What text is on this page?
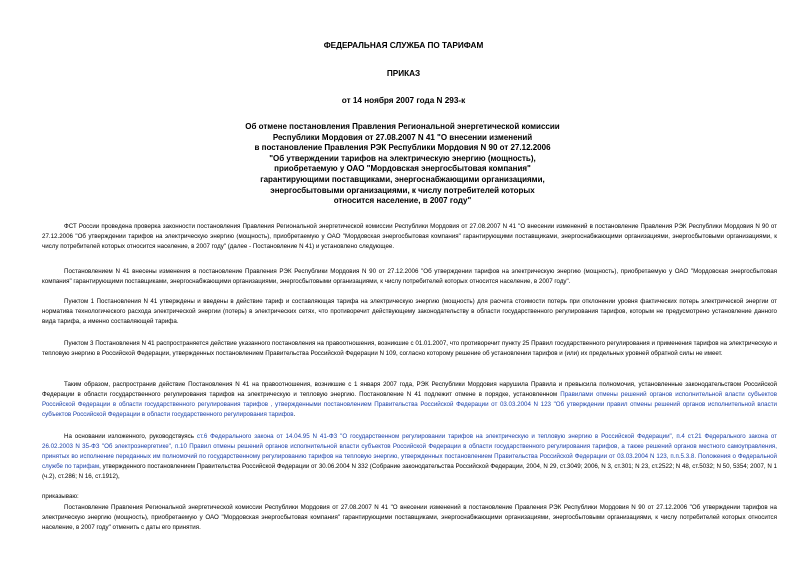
ФЕДЕРАЛЬНАЯ СЛУЖБА ПО ТАРИФАМ
ПРИКАЗ
от 14 ноября 2007 года N 293-к
Об отмене постановления Правления Региональной энергетической комиссии
Республики Мордовия от 27.08.2007 N 41 "О внесении изменений
в постановление Правления РЭК Республики Мордовия N 90 от 27.12.2006
"Об утверждении тарифов на электрическую энергию (мощность),
приобретаемую у ОАО "Мордовская энергосбытовая компания"
гарантирующими поставщиками, энергоснабжающими организациями,
энергосбытовыми организациями, к числу потребителей которых
относится население, в 2007 году"

ФСТ России проведена проверка законности постановления Правления Региональной энергетической комиссии Республики Мордовия от 27.08.2007 N 41 "О внесении изменений в постановление Правления РЭК Республики Мордовия N 90 от 27.12.2006 "Об утверждении тарифов на электрическую энергию (мощность), приобретаемую у ОАО "Мордовская энергосбытовая компания" гарантирующими поставщиками, энергоснабжающими организациями, энергосбытовыми организациями, к числу потребителей которых относится население, в 2007 году" (далее - Постановление N 41) и установлено следующее.

Постановлением N 41 внесены изменения в постановление Правления РЭК Республики Мордовия N 90 от 27.12.2006 "Об утверждении тарифов на электрическую энергию (мощность), приобретаемую у ОАО "Мордовская энергосбытовая компания" гарантирующими поставщиками, энергоснабжающими организациями, энергосбытовыми организациями, к числу потребителей которых относится население, в 2007 году".

Пунктом 1 Постановления N 41 утверждены и введены в действие тариф и составляющая тарифа на электрическую энергию (мощность) для расчета стоимости потерь при отклонении уровня фактических потерь электрической энергии от норматива технологического расхода электрической энергии (потерь) в электрических сетях, что противоречит действующему законодательству в области государственного регулирования тарифов, которым не предусмотрено установление данного вида тарифа, а именно составляющей тарифа.

Пунктом 3 Постановления N 41 распространяется действие указанного постановления на правоотношения, возникшие с 01.01.2007, что противоречит пункту 25 Правил государственного регулирования и применения тарифов на электрическую и тепловую энергию в Российской Федерации, утвержденных постановлением Правительства Российской Федерации N 109, согласно которому решение об установлении тарифов и (или) их предельных уровней обратной силы не имеет.

Таким образом, распространив действие Постановления N 41 на правоотношения, возникшие с 1 января 2007 года, РЭК Республики Мордовия нарушила Правила и превысила полномочия, установленные законодательством Российской Федерации в области государственного регулирования тарифов на электрическую и тепловую энергию. Постановление N 41 подлежит отмене в порядке, установленном Правилами отмены решений органов исполнительной власти субъектов Российской Федерации в области государственного регулирования тарифов , утвержденными постановлением Правительства Российской Федерации от 03.03.2004 N 123 "Об утверждении правил отмены решений органов исполнительной власти субъектов Российской Федерации в области государственного регулирования тарифов.

На основании изложенного, руководствуясь ст.6 Федерального закона от 14.04.95 N 41-ФЗ "О государственном регулировании тарифов на электрическую и тепловую энергию в Российской Федерации", п.4 ст.21 Федерального закона от 26.02.2003 N 35-ФЗ "Об электроэнергетике", п.10 Правил отмены решений органов исполнительной власти субъектов Российской Федерации в области государственного регулирования тарифов, а также решений органов местного самоуправления, принятых во исполнение переданных им полномочий по государственному регулированию тарифов на тепловую энергию, утвержденных постановлением Правительства Российской Федерации от 03.03.2004 N 123, п.п.5.3.8. Положения о Федеральной службе по тарифам, утвержденного постановлением Правительства Российской Федерации от 30.06.2004 N 332 (Собрание законодательства Российской Федерации, 2004, N 29, ст.3049; 2006, N 3, ст.301; N 23, ст.2522; N 48, ст.5032; N 50, 5354; 2007, N 1 (ч.2), ст.286; N 16, ст.1912),

приказываю:

Постановление Правления Региональной энергетической комиссии Республики Мордовия от 27.08.2007 N 41 "О внесении изменений в постановление Правления РЭК Республики Мордовия N 90 от 27.12.2006 "Об утверждении тарифов на электрическую энергию (мощность), приобретаемую у ОАО "Мордовская энергосбытовая компания" гарантирующими поставщиками, энергоснабжающими организациями, энергосбытовыми организациями, к числу потребителей которых относится население, в 2007 году" отменить с даты его принятия.
